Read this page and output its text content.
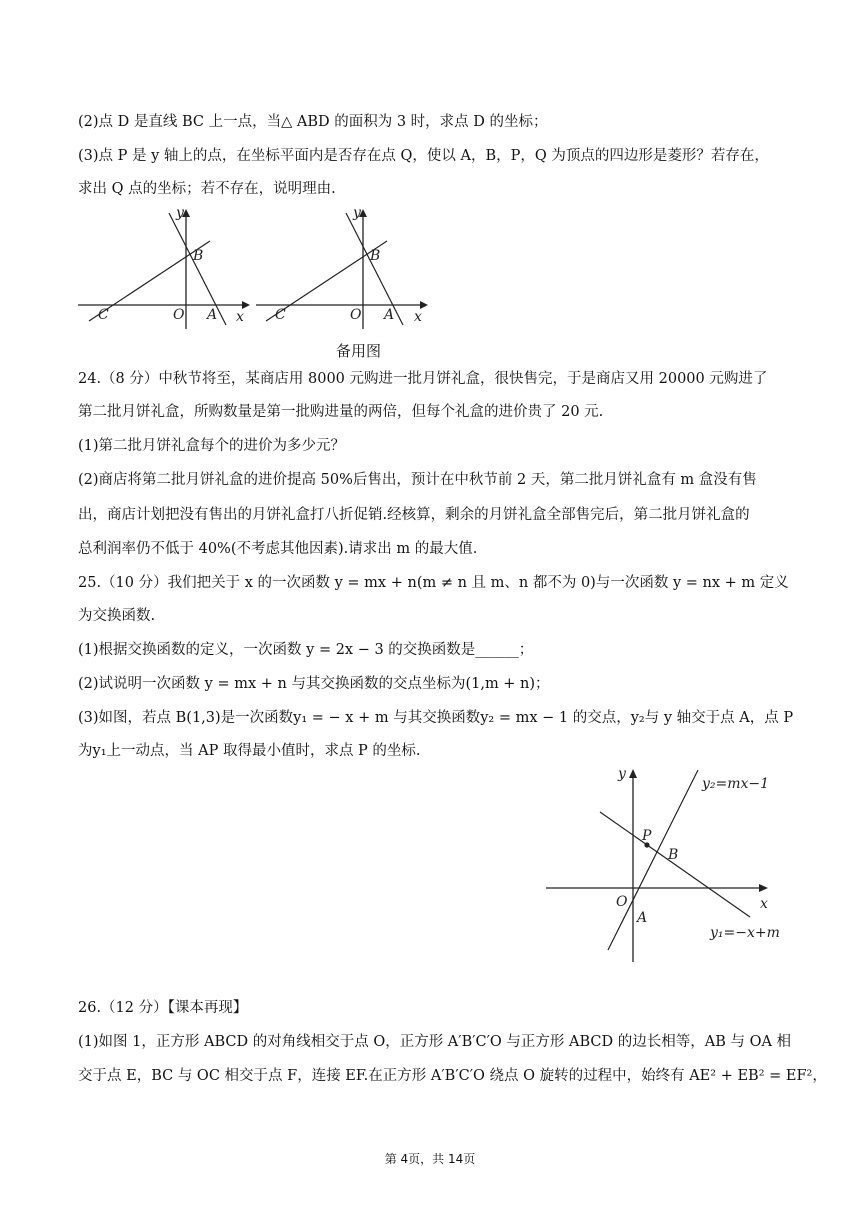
(2)点 D 是直线 BC 上一点，当△ ABD 的面积为 3 时，求点 D 的坐标；
(3)点 P 是 y 轴上的点，在坐标平面内是否存在点 Q，使以 A，B，P，Q 为顶点的四边形是菱形？若存在，
求出 Q 点的坐标；若不存在，说明理由.
y
B
C	O A x
y
B
C	O A x
备用图
24.（8 分）中秋节将至，某商店用 8000 元购进一批月饼礼盒，很快售完，于是商店又用 20000 元购进了
第二批月饼礼盒，所购数量是第一批购进量的两倍，但每个礼盒的进价贵了 20 元.
(1)第二批月饼礼盒每个的进价为多少元？
(2)商店将第二批月饼礼盒的进价提高 50%后售出，预计在中秋节前 2 天，第二批月饼礼盒有 m 盒没有售
出，商店计划把没有售出的月饼礼盒打八折促销.经核算，剩余的月饼礼盒全部售完后，第二批月饼礼盒的
总利润率仍不低于 40%(不考虑其他因素).请求出 m 的最大值.
25.（10 分）我们把关于 x 的一次函数 y = mx + n(m ≠ n 且 m、n 都不为 0)与一次函数 y = nx + m 定义
为交换函数.
(1)根据交换函数的定义，一次函数 y = 2x − 3 的交换函数是______；
(2)试说明一次函数 y = mx + n 与其交换函数的交点坐标为(1,m + n)；
(3)如图，若点 B(1,3)是一次函数y₁ = − x + m 与其交换函数y₂ = mx − 1 的交点，y₂与 y 轴交于点 A，点 P
为y₁上一动点，当 AP 取得最小值时，求点 P 的坐标.
y
y₂=mx−1
P
B
O
A
x
y₁=−x+m
26.（12 分）【课本再现】
(1)如图 1，正方形 ABCD 的对角线相交于点 O，正方形 A′B′C′O 与正方形 ABCD 的边长相等，AB 与 OA 相
交于点 E，BC 与 OC 相交于点 F，连接 EF.在正方形 A′B′C′O 绕点 O 旋转的过程中，始终有 AE² + EB² = EF²，
第 4页，共 14页
